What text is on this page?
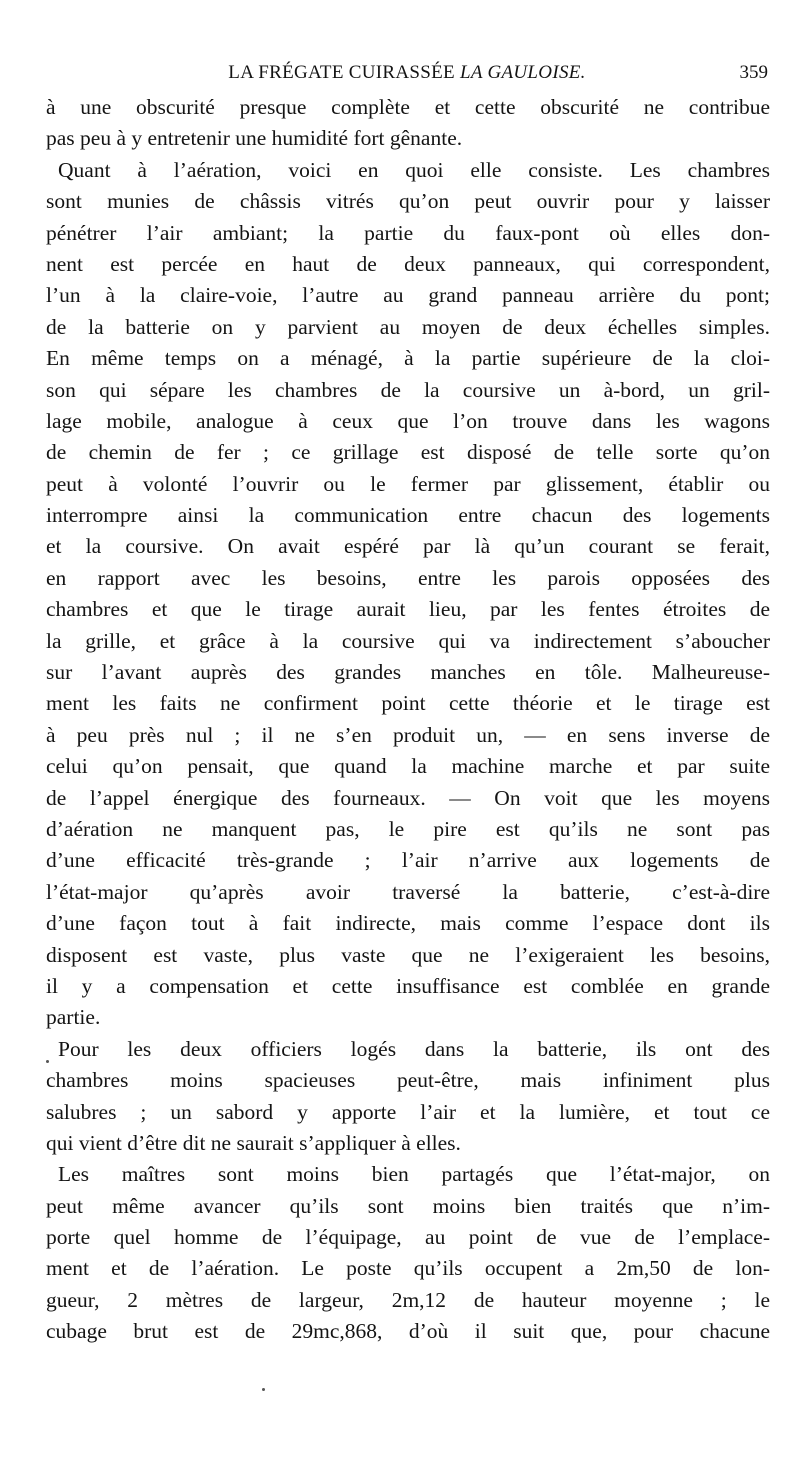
LA FRÉGATE CUIRASSÉE LA GAULOISE.	359
à une obscurité presque complète et cette obscurité ne contribue
pas peu à y entretenir une humidité fort gênante.
Quant à l’aération, voici en quoi elle consiste. Les chambres
sont munies de châssis vitrés qu’on peut ouvrir pour y laisser
pénétrer l’air ambiant; la partie du faux-pont où elles don-
nent est percée en haut de deux panneaux, qui correspondent,
l’un à la claire-voie, l’autre au grand panneau arrière du pont;
de la batterie on y parvient au moyen de deux échelles simples.
En même temps on a ménagé, à la partie supérieure de la cloi-
son qui sépare les chambres de la coursive un à-bord, un gril-
lage mobile, analogue à ceux que l’on trouve dans les wagons
de chemin de fer ; ce grillage est disposé de telle sorte qu’on
peut à volonté l’ouvrir ou le fermer par glissement, établir ou
interrompre ainsi la communication entre chacun des logements
et la coursive. On avait espéré par là qu’un courant se ferait,
en rapport avec les besoins, entre les parois opposées des
chambres et que le tirage aurait lieu, par les fentes étroites de
la grille, et grâce à la coursive qui va indirectement s’aboucher
sur l’avant auprès des grandes manches en tôle. Malheureuse-
ment les faits ne confirment point cette théorie et le tirage est
à peu près nul ; il ne s’en produit un, — en sens inverse de
celui qu’on pensait, que quand la machine marche et par suite
de l’appel énergique des fourneaux. — On voit que les moyens
d’aération ne manquent pas, le pire est qu’ils ne sont pas
d’une efficacité très-grande ; l’air n’arrive aux logements de
l’état-major qu’après avoir traversé la batterie, c’est-à-dire
d’une façon tout à fait indirecte, mais comme l’espace dont ils
disposent est vaste, plus vaste que ne l’exigeraient les besoins,
il y a compensation et cette insuffisance est comblée en grande
partie.
Pour les deux officiers logés dans la batterie, ils ont des
chambres moins spacieuses peut-être, mais infiniment plus
salubres ; un sabord y apporte l’air et la lumière, et tout ce
qui vient d’être dit ne saurait s’appliquer à elles.
Les maîtres sont moins bien partagés que l’état-major, on
peut même avancer qu’ils sont moins bien traités que n’im-
porte quel homme de l’équipage, au point de vue de l’emplace-
ment et de l’aération. Le poste qu’ils occupent a 2m,50 de lon-
gueur, 2 mètres de largeur, 2m,12 de hauteur moyenne ; le
cubage brut est de 29mc,868, d’où il suit que, pour chacune
